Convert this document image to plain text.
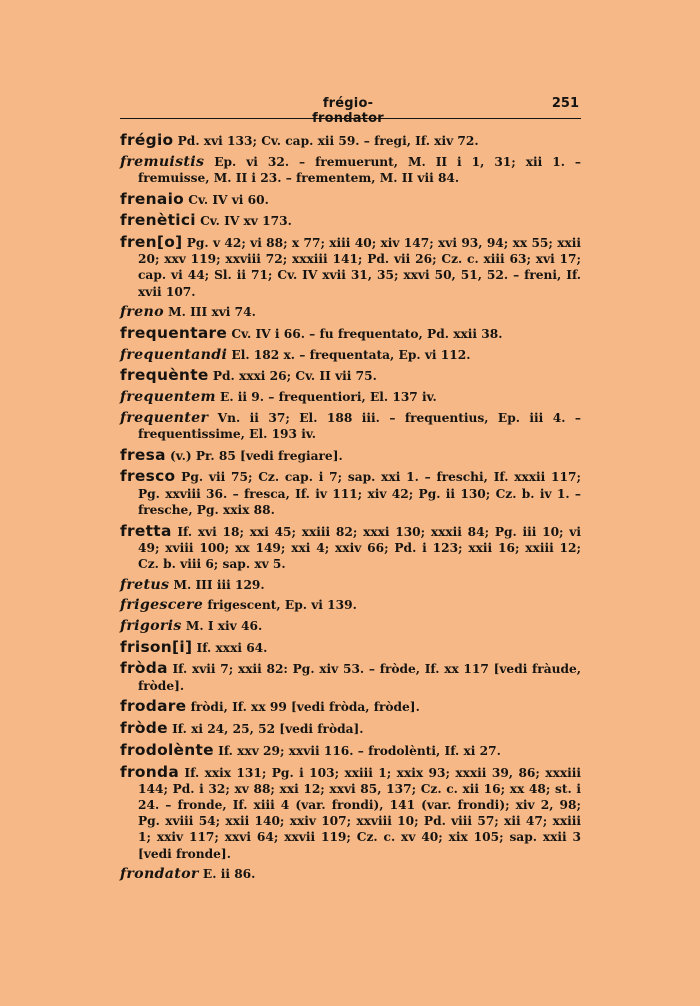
frégio-frondator
251

frégio Pd. xvi 133; Cv. cap. xii 59. – fregi, If. xiv 72.

fremuistis Ep. vi 32. – fremuerunt, M. II i 1, 31; xii 1. – fremuisse, M. II i 23. – frementem, M. II vii 84.

frenaio Cv. IV vi 60.

frenètici Cv. IV xv 173.

fren[o] Pg. v 42; vi 88; x 77; xiii 40; xiv 147; xvi 93, 94; xx 55; xxii 20; xxv 119; xxviii 72; xxxiii 141; Pd. vii 26; Cz. c. xiii 63; xvi 17; cap. vi 44; Sl. ii 71; Cv. IV xvii 31, 35; xxvi 50, 51, 52. – freni, If. xvii 107.

freno M. III xvi 74.

frequentare Cv. IV i 66. – fu frequentato, Pd. xxii 38.

frequentandi El. 182 x. – frequentata, Ep. vi 112.

frequènte Pd. xxxi 26; Cv. II vii 75.

frequentem E. ii 9. – frequentiori, El. 137 iv.

frequenter Vn. ii 37; El. 188 iii. – frequentius, Ep. iii 4. – frequentissime, El. 193 iv.

fresa (v.) Pr. 85 [vedi fregiare].

fresco Pg. vii 75; Cz. cap. i 7; sap. xxi 1. – freschi, If. xxxii 117; Pg. xxviii 36. – fresca, If. iv 111; xiv 42; Pg. ii 130; Cz. b. iv 1. – fresche, Pg. xxix 88.

fretta If. xvi 18; xxi 45; xxiii 82; xxxi 130; xxxii 84; Pg. iii 10; vi 49; xviii 100; xx 149; xxi 4; xxiv 66; Pd. i 123; xxii 16; xxiii 12; Cz. b. viii 6; sap. xv 5.

fretus M. III iii 129.

frigescere frigescent, Ep. vi 139.

frigoris M. I xiv 46.

frison[i] If. xxxi 64.

fròda If. xvii 7; xxii 82: Pg. xiv 53. – fròde, If. xx 117 [vedi fràude, fròde].

frodare fròdi, If. xx 99 [vedi fròda, fròde].

fròde If. xi 24, 25, 52 [vedi fròda].

frodolènte If. xxv 29; xxvii 116. – frodolènti, If. xi 27.

fronda If. xxix 131; Pg. i 103; xxiii 1; xxix 93; xxxii 39, 86; xxxiii 144; Pd. i 32; xv 88; xxi 12; xxvi 85, 137; Cz. c. xii 16; xx 48; st. i 24. – fronde, If. xiii 4 (var. frondi), 141 (var. frondi); xiv 2, 98; Pg. xviii 54; xxii 140; xxiv 107; xxviii 10; Pd. viii 57; xii 47; xxiii 1; xxiv 117; xxvi 64; xxvii 119; Cz. c. xv 40; xix 105; sap. xxii 3 [vedi fronde].

frondator E. ii 86.
